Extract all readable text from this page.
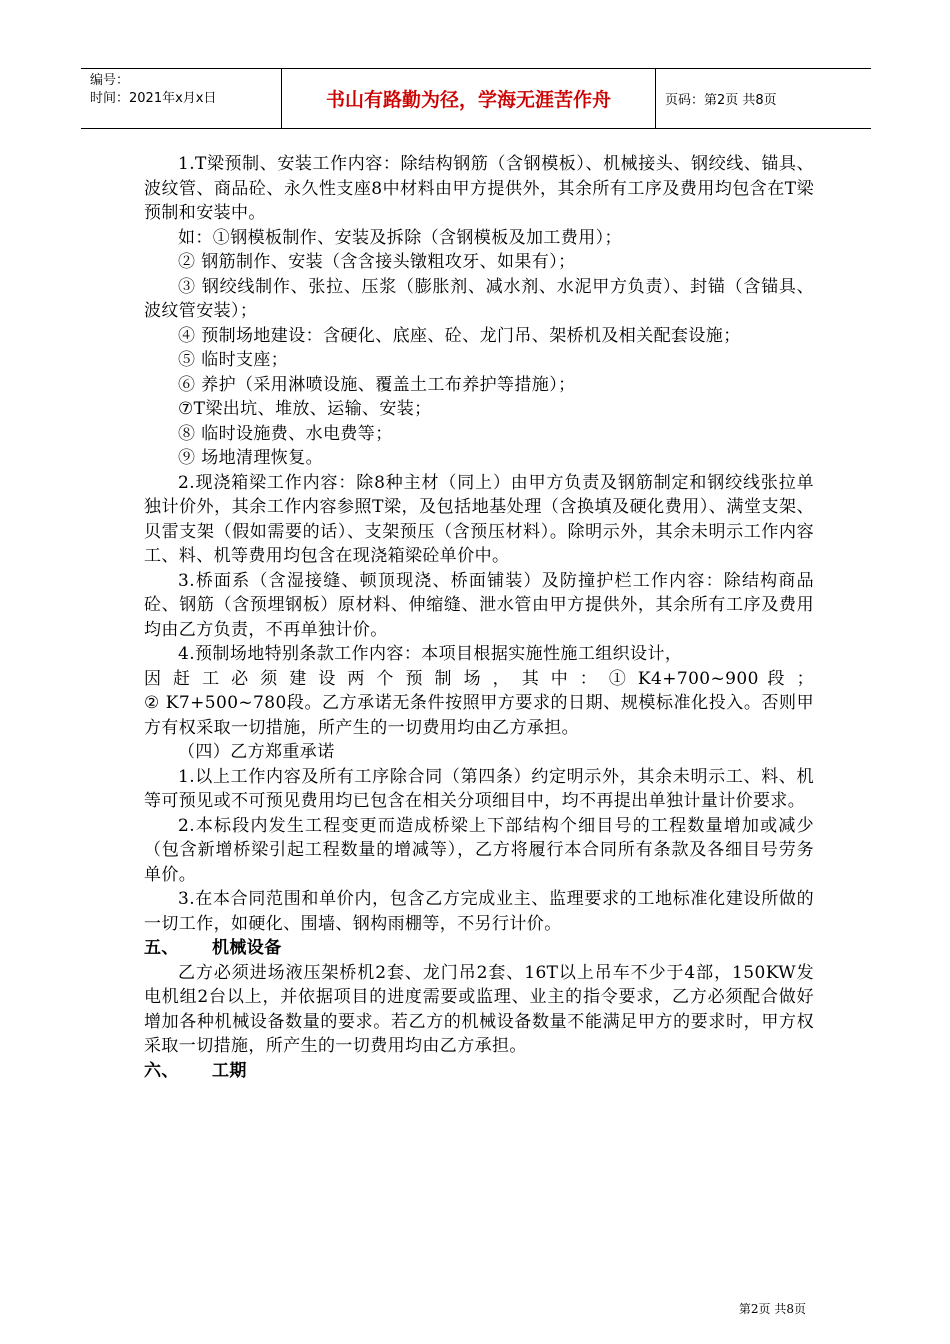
编号：
时间：2021年x月x日	书山有路勤为径，学海无涯苦作舟	页码：第2页 共8页

1.T梁预制、安装工作内容：除结构钢筋（含钢模板）、机械接头、钢绞线、锚具、波纹管、商品砼、永久性支座8中材料由甲方提供外，其余所有工序及费用均包含在T梁预制和安装中。

如：①钢模板制作、安装及拆除（含钢模板及加工费用）；

② 钢筋制作、安装（含含接头镦粗攻牙、如果有）；

③ 钢绞线制作、张拉、压浆（膨胀剂、减水剂、水泥甲方负责）、封锚（含锚具、波纹管安装）；

④ 预制场地建设：含硬化、底座、砼、龙门吊、架桥机及相关配套设施；

⑤ 临时支座；

⑥ 养护（采用淋喷设施、覆盖土工布养护等措施）；

⑦T梁出坑、堆放、运输、安装；

⑧ 临时设施费、水电费等；

⑨ 场地清理恢复。

2.现浇箱梁工作内容：除8种主材（同上）由甲方负责及钢筋制定和钢绞线张拉单独计价外，其余工作内容参照T梁，及包括地基处理（含换填及硬化费用）、满堂支架、贝雷支架（假如需要的话）、支架预压（含预压材料）。除明示外，其余未明示工作内容工、料、机等费用均包含在现浇箱梁砼单价中。

3.桥面系（含湿接缝、顿顶现浇、桥面铺装）及防撞护栏工作内容：除结构商品砼、钢筋（含预埋钢板）原材料、伸缩缝、泄水管由甲方提供外，其余所有工序及费用均由乙方负责，不再单独计价。

4.预制场地特别条款工作内容：本项目根据实施性施工组织设计，

因 赶 工 必 须 建 设 两 个 预 制 场 ， 其 中 ： ① K4+700~900 段 ；

② K7+500~780段。乙方承诺无条件按照甲方要求的日期、规模标准化投入。否则甲方有权采取一切措施，所产生的一切费用均由乙方承担。

（四）乙方郑重承诺

1.以上工作内容及所有工序除合同（第四条）约定明示外，其余未明示工、料、机等可预见或不可预见费用均已包含在相关分项细目中，均不再提出单独计量计价要求。

2.本标段内发生工程变更而造成桥梁上下部结构个细目号的工程数量增加或减少（包含新增桥梁引起工程数量的增减等），乙方将履行本合同所有条款及各细目号劳务单价。

3.在本合同范围和单价内，包含乙方完成业主、监理要求的工地标准化建设所做的一切工作，如硬化、围墙、钢构雨棚等，不另行计价。

五、 机械设备

乙方必须进场液压架桥机2套、龙门吊2套、16T以上吊车不少于4部，150KW发电机组2台以上，并依据项目的进度需要或监理、业主的指令要求，乙方必须配合做好增加各种机械设备数量的要求。若乙方的机械设备数量不能满足甲方的要求时，甲方权采取一切措施，所产生的一切费用均由乙方承担。

六、 工期

第2页 共8页
